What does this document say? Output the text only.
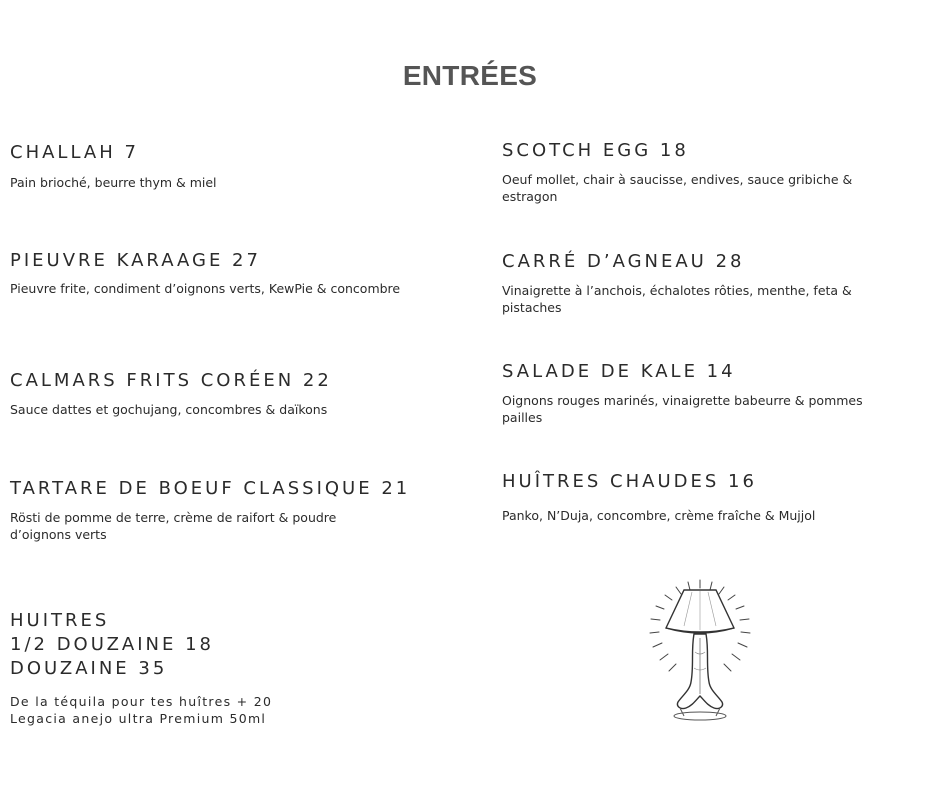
ENTRÉES
CHALLAH 7
Pain brioché, beurre thym & miel
PIEUVRE KARAAGE 27
Pieuvre frite, condiment d’oignons verts, KewPie & concombre
CALMARS FRITS CORÉEN 22
Sauce dattes et gochujang, concombres & daïkons
TARTARE DE BOEUF CLASSIQUE 21
Rösti de pomme de terre, crème de raifort & poudre
d’oignons verts
SCOTCH EGG 18
Oeuf mollet, chair à saucisse, endives, sauce gribiche &
estragon
CARRÉ D’AGNEAU 28
Vinaigrette à l’anchois, échalotes rôties, menthe, feta &
pistaches
SALADE DE KALE 14
Oignons rouges marinés, vinaigrette babeurre & pommes
pailles
HUÎTRES CHAUDES 16
Panko, N’Duja, concombre, crème fraîche & Mujjol
HUITRES
1/2 DOUZAINE 18
DOUZAINE 35
De la téquila pour tes huîtres + 20
Legacia anejo ultra Premium 50ml
